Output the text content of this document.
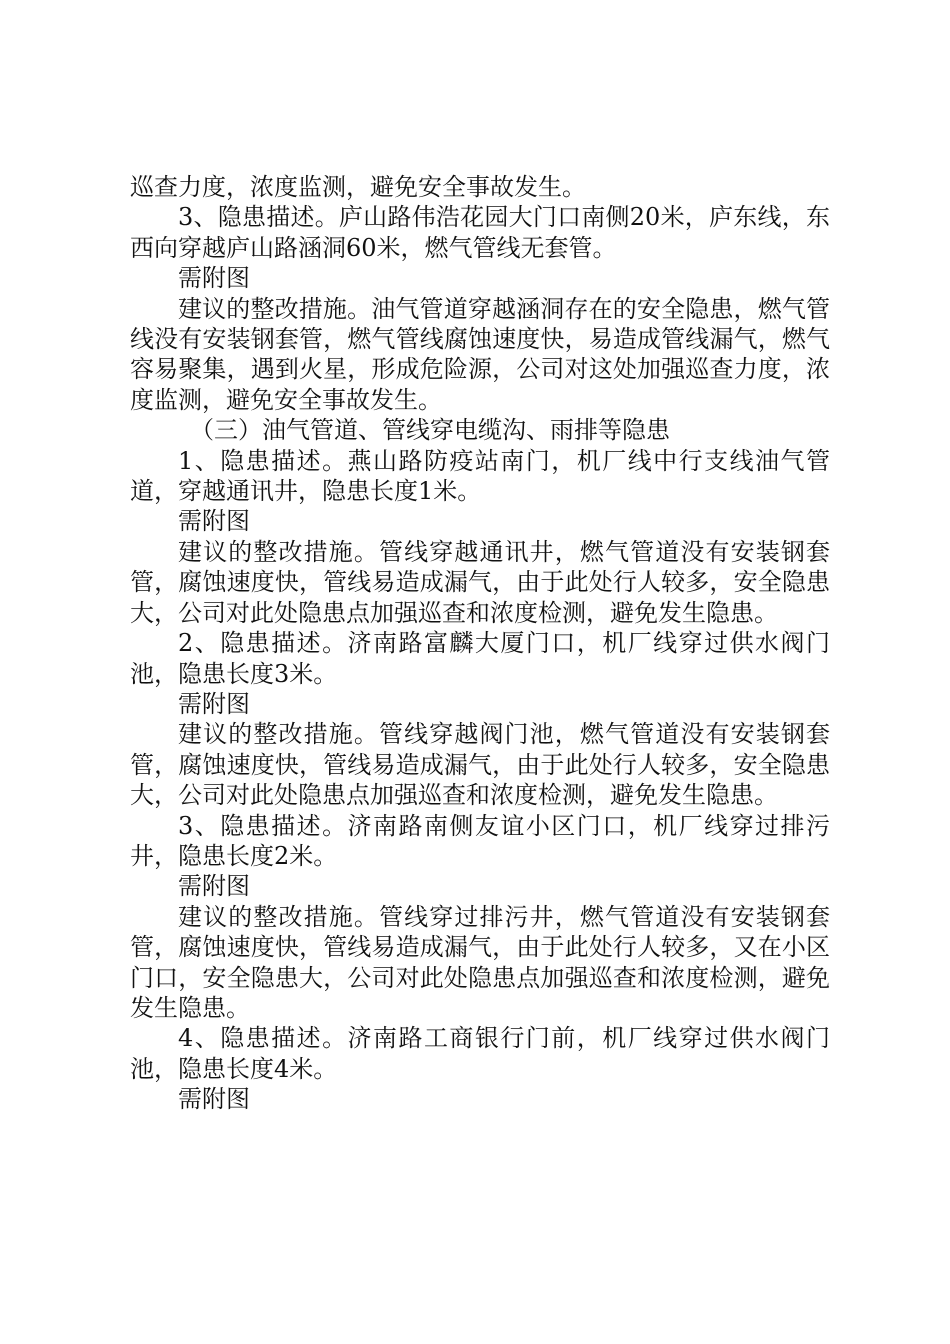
巡查力度，浓度监测，避免安全事故发生。

3、隐患描述。庐山路伟浩花园大门口南侧20米，庐东线，东西向穿越庐山路涵洞60米，燃气管线无套管。

需附图

建议的整改措施。油气管道穿越涵洞存在的安全隐患，燃气管线没有安装钢套管，燃气管线腐蚀速度快，易造成管线漏气，燃气容易聚集，遇到火星，形成危险源，公司对这处加强巡查力度，浓度监测，避免安全事故发生。

（三）油气管道、管线穿电缆沟、雨排等隐患

1、隐患描述。燕山路防疫站南门，机厂线中行支线油气管道，穿越通讯井，隐患长度1米。

需附图

建议的整改措施。管线穿越通讯井，燃气管道没有安装钢套管，腐蚀速度快，管线易造成漏气，由于此处行人较多，安全隐患大，公司对此处隐患点加强巡查和浓度检测，避免发生隐患。

2、隐患描述。济南路富麟大厦门口，机厂线穿过供水阀门池，隐患长度3米。

需附图

建议的整改措施。管线穿越阀门池，燃气管道没有安装钢套管，腐蚀速度快，管线易造成漏气，由于此处行人较多，安全隐患大，公司对此处隐患点加强巡查和浓度检测，避免发生隐患。

3、隐患描述。济南路南侧友谊小区门口，机厂线穿过排污井，隐患长度2米。

需附图

建议的整改措施。管线穿过排污井，燃气管道没有安装钢套管，腐蚀速度快，管线易造成漏气，由于此处行人较多，又在小区门口，安全隐患大，公司对此处隐患点加强巡查和浓度检测，避免发生隐患。

4、隐患描述。济南路工商银行门前，机厂线穿过供水阀门池，隐患长度4米。

需附图
